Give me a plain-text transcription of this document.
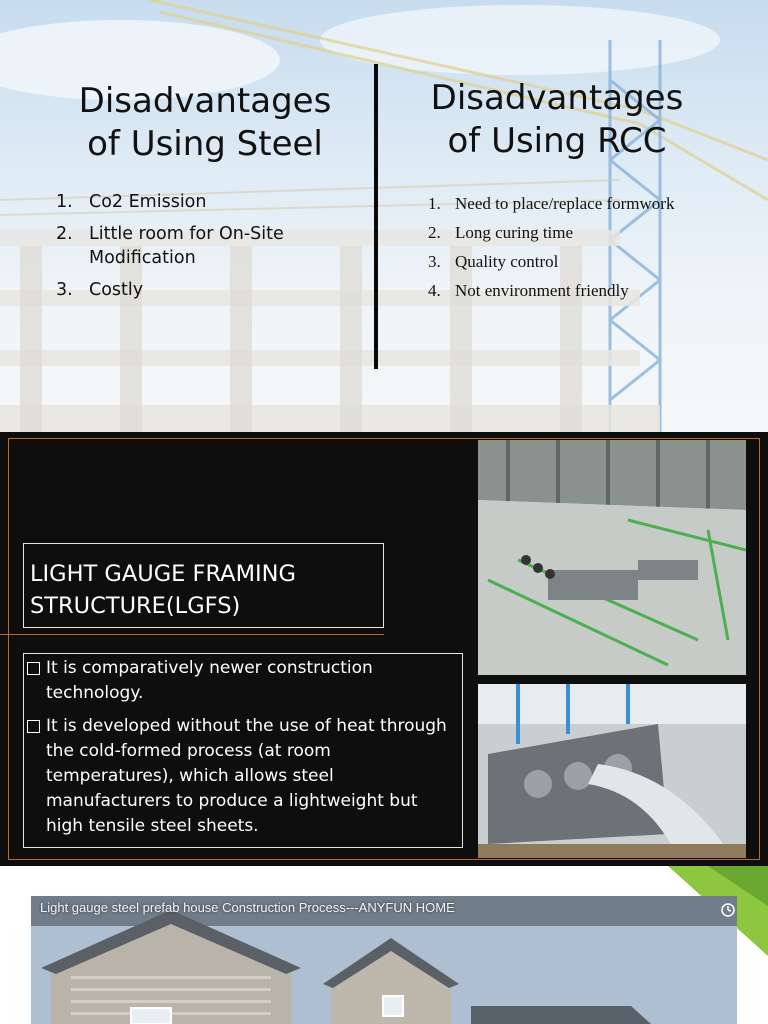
Disadvantages
of Using Steel
Disadvantages
of Using RCC
1. Co2 Emission
2. Little room for On-Site Modification
3. Costly
1. Need to place/replace formwork
2. Long curing time
3. Quality control
4. Not environment friendly
LIGHT GAUGE FRAMING
STRUCTURE(LGFS)
It is comparatively newer construction technology.
It is developed without the use of heat through the cold-formed process (at room temperatures), which allows steel manufacturers to produce a lightweight but high tensile steel sheets.
Light gauge steel prefab house Construction Process---ANYFUN HOME
